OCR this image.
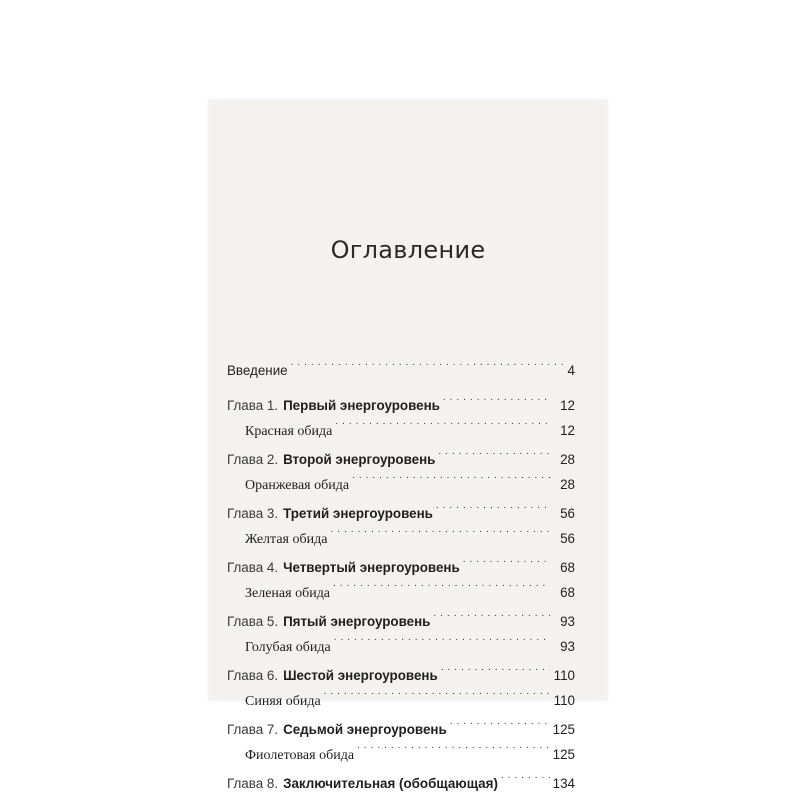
Оглавление
Введение . . .	4
Глава 1. Первый энергоуровень . . .	12
Красная обида . . .	12
Глава 2. Второй энергоуровень . . .	28
Оранжевая обида . . .	28
Глава 3. Третий энергоуровень . . .	56
Желтая обида . . .	56
Глава 4. Четвертый энергоуровень . . .	68
Зеленая обида . . .	68
Глава 5. Пятый энергоуровень . . .	93
Голубая обида . . .	93
Глава 6. Шестой энергоуровень . . .	110
Синяя обида . . .	110
Глава 7. Седьмой энергоуровень . . .	125
Фиолетовая обида . . .	125
Глава 8. Заключительная (обобщающая) . . .	134
